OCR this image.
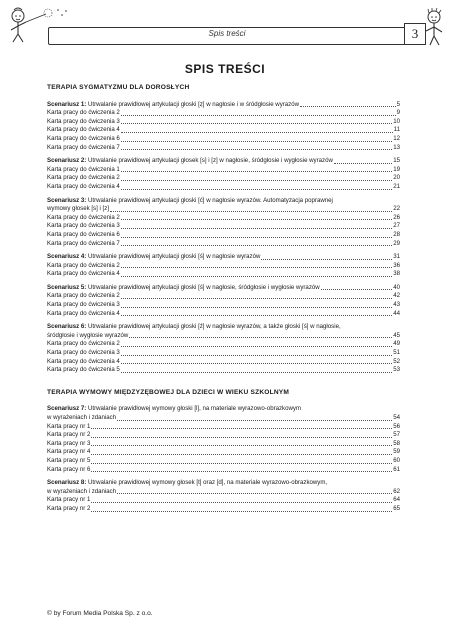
Spis treści	3
SPIS TREŚCI
TERAPIA SYGMATYZMU DLA DOROSŁYCH
Scenariusz 1: Utrwalanie prawidłowej artykulacji głoski [ẓ] w nagłosie i w śródgłosie wyrazów	5
Karta pracy do ćwiczenia 2	9
Karta pracy do ćwiczenia 3	10
Karta pracy do ćwiczenia 4	11
Karta pracy do ćwiczenia 6	12
Karta pracy do ćwiczenia 7	13
Scenariusz 2: Utrwalanie prawidłowej artykulacji głosek [s] i [z] w nagłosie, śródgłosie i wygłosie wyrazów	15
Karta pracy do ćwiczenia 1	19
Karta pracy do ćwiczenia 2	20
Karta pracy do ćwiczenia 4	21
Scenariusz 3: Utrwalanie prawidłowej artykulacji głoski [ć] w nagłosie wyrazów. Automatyzacja poprawnej
wymowy głosek [s] i [z]	22
Karta pracy do ćwiczenia 2	26
Karta pracy do ćwiczenia 3	27
Karta pracy do ćwiczenia 6	28
Karta pracy do ćwiczenia 7	29
Scenariusz 4: Utrwalanie prawidłowej artykulacji głoski [ś] w nagłosie wyrazów	31
Karta pracy do ćwiczenia 2	36
Karta pracy do ćwiczenia 4	38
Scenariusz 5: Utrwalanie prawidłowej artykulacji głoski [ś] w nagłosie, śródgłosie i wygłosie wyrazów	40
Karta pracy do ćwiczenia 2	42
Karta pracy do ćwiczenia 3	43
Karta pracy do ćwiczenia 4	44
Scenariusz 6: Utrwalanie prawidłowej artykulacji głoski [ź] w nagłosie wyrazów, a także głoski [ś] w nagłosie,
śródgłosie i wygłosie wyrazów	45
Karta pracy do ćwiczenia 2	49
Karta pracy do ćwiczenia 3	51
Karta pracy do ćwiczenia 4	52
Karta pracy do ćwiczenia 5	53
TERAPIA WYMOWY MIĘDZYZĘBOWEJ DLA DZIECI W WIEKU SZKOLNYM
Scenariusz 7: Utrwalanie prawidłowej wymowy głoski [l], na materiale wyrazowo-obrazkowym
w wyrażeniach i zdaniach	54
Karta pracy nr 1	56
Karta pracy nr 2	57
Karta pracy nr 3	58
Karta pracy nr 4	59
Karta pracy nr 5	60
Karta pracy nr 6	61
Scenariusz 8: Utrwalanie prawidłowej wymowy głosek [t] oraz [d], na materiale wyrazowo-obrazkowym,
w wyrażeniach i zdaniach	62
Karta pracy nr 1	64
Karta pracy nr 2	65
© by Forum Media Polska Sp. z o.o.
